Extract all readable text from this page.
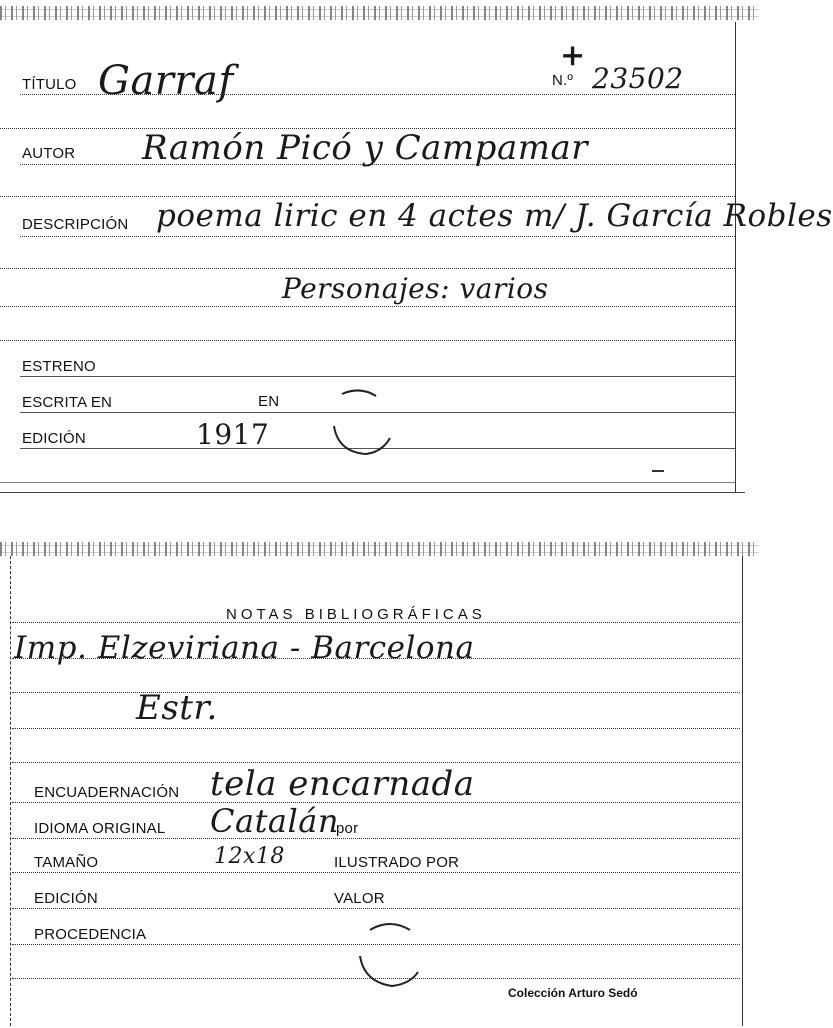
TÍTULO Garraf
+
N.º 23502
AUTOR Ramón Picó y Campamar
DESCRIPCIÓN poema liric en 4 actes m/ J. García Robles
Personajes: varios
ESTRENO
ESCRITA EN	EN
EDICIÓN	1917
NOTAS BIBLIOGRÁFICAS
Imp. Elzeviriana - Barcelona
Estr.
ENCUADERNACIÓN tela encarnada
IDIOMA ORIGINAL Catalán
por
TAMAÑO	12x18	ILUSTRADO POR
EDICIÓN	VALOR
PROCEDENCIA
Colección Arturo Sedó
